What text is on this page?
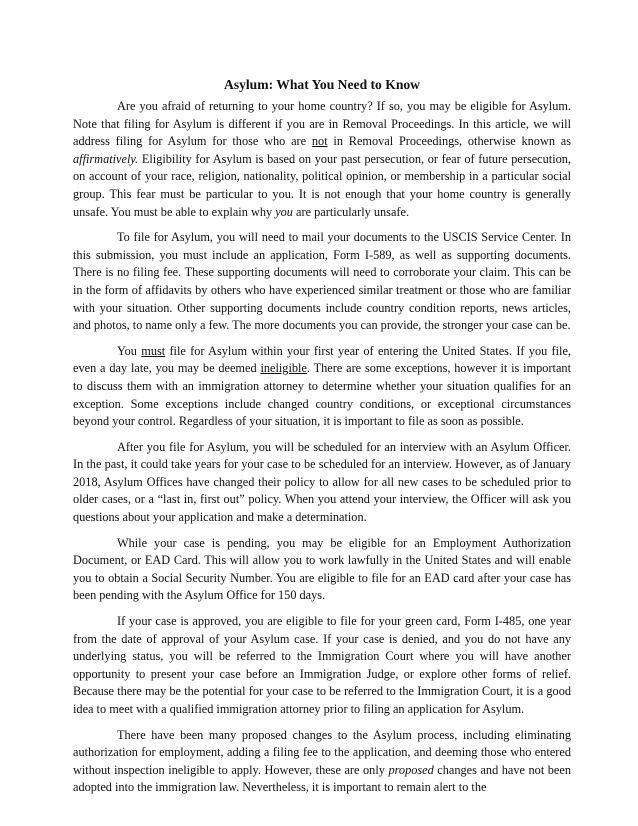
Asylum: What You Need to Know

Are you afraid of returning to your home country? If so, you may be eligible for Asylum. Note that filing for Asylum is different if you are in Removal Proceedings. In this article, we will address filing for Asylum for those who are not in Removal Proceedings, otherwise known as affirmatively. Eligibility for Asylum is based on your past persecution, or fear of future persecution, on account of your race, religion, nationality, political opinion, or membership in a particular social group. This fear must be particular to you. It is not enough that your home country is generally unsafe. You must be able to explain why you are particularly unsafe.

To file for Asylum, you will need to mail your documents to the USCIS Service Center. In this submission, you must include an application, Form I-589, as well as supporting documents. There is no filing fee. These supporting documents will need to corroborate your claim. This can be in the form of affidavits by others who have experienced similar treatment or those who are familiar with your situation. Other supporting documents include country condition reports, news articles, and photos, to name only a few. The more documents you can provide, the stronger your case can be.

You must file for Asylum within your first year of entering the United States. If you file, even a day late, you may be deemed ineligible. There are some exceptions, however it is important to discuss them with an immigration attorney to determine whether your situation qualifies for an exception. Some exceptions include changed country conditions, or exceptional circumstances beyond your control. Regardless of your situation, it is important to file as soon as possible.

After you file for Asylum, you will be scheduled for an interview with an Asylum Officer. In the past, it could take years for your case to be scheduled for an interview. However, as of January 2018, Asylum Offices have changed their policy to allow for all new cases to be scheduled prior to older cases, or a “last in, first out” policy. When you attend your interview, the Officer will ask you questions about your application and make a determination.

While your case is pending, you may be eligible for an Employment Authorization Document, or EAD Card. This will allow you to work lawfully in the United States and will enable you to obtain a Social Security Number. You are eligible to file for an EAD card after your case has been pending with the Asylum Office for 150 days.

If your case is approved, you are eligible to file for your green card, Form I-485, one year from the date of approval of your Asylum case. If your case is denied, and you do not have any underlying status, you will be referred to the Immigration Court where you will have another opportunity to present your case before an Immigration Judge, or explore other forms of relief. Because there may be the potential for your case to be referred to the Immigration Court, it is a good idea to meet with a qualified immigration attorney prior to filing an application for Asylum.

There have been many proposed changes to the Asylum process, including eliminating authorization for employment, adding a filing fee to the application, and deeming those who entered without inspection ineligible to apply. However, these are only proposed changes and have not been adopted into the immigration law. Nevertheless, it is important to remain alert to the
